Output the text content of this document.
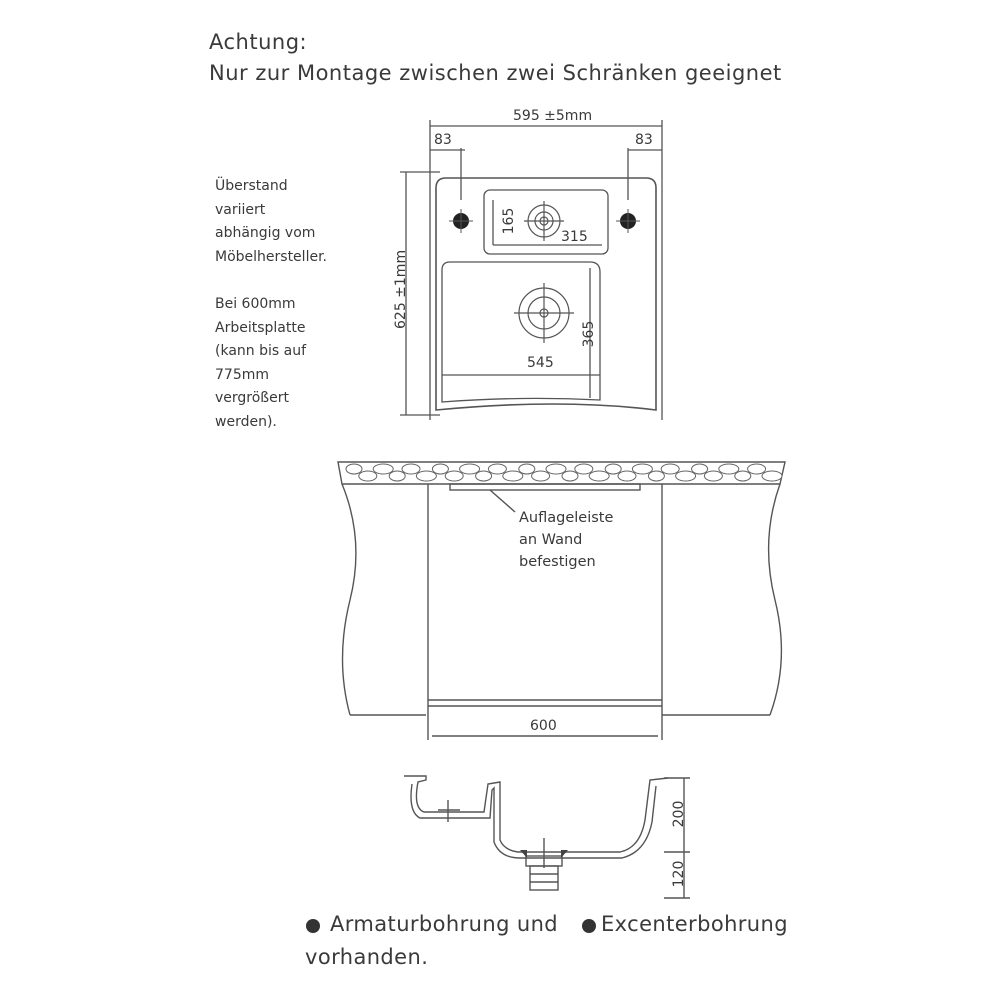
Achtung:

Nur zur Montage zwischen zwei Schränken geeignet

Überstand
variiert
abhängig vom
Möbelhersteller.
Bei 600mm
Arbeitsplatte
(kann bis auf
775mm
vergrößert
werden).
595 ±5mm
83	83
625 ±1mm
165
315
545
365
Auflageleiste
an Wand
befestigen
600
200
120
Armaturbohrung und Excenterbohrung
vorhanden.
